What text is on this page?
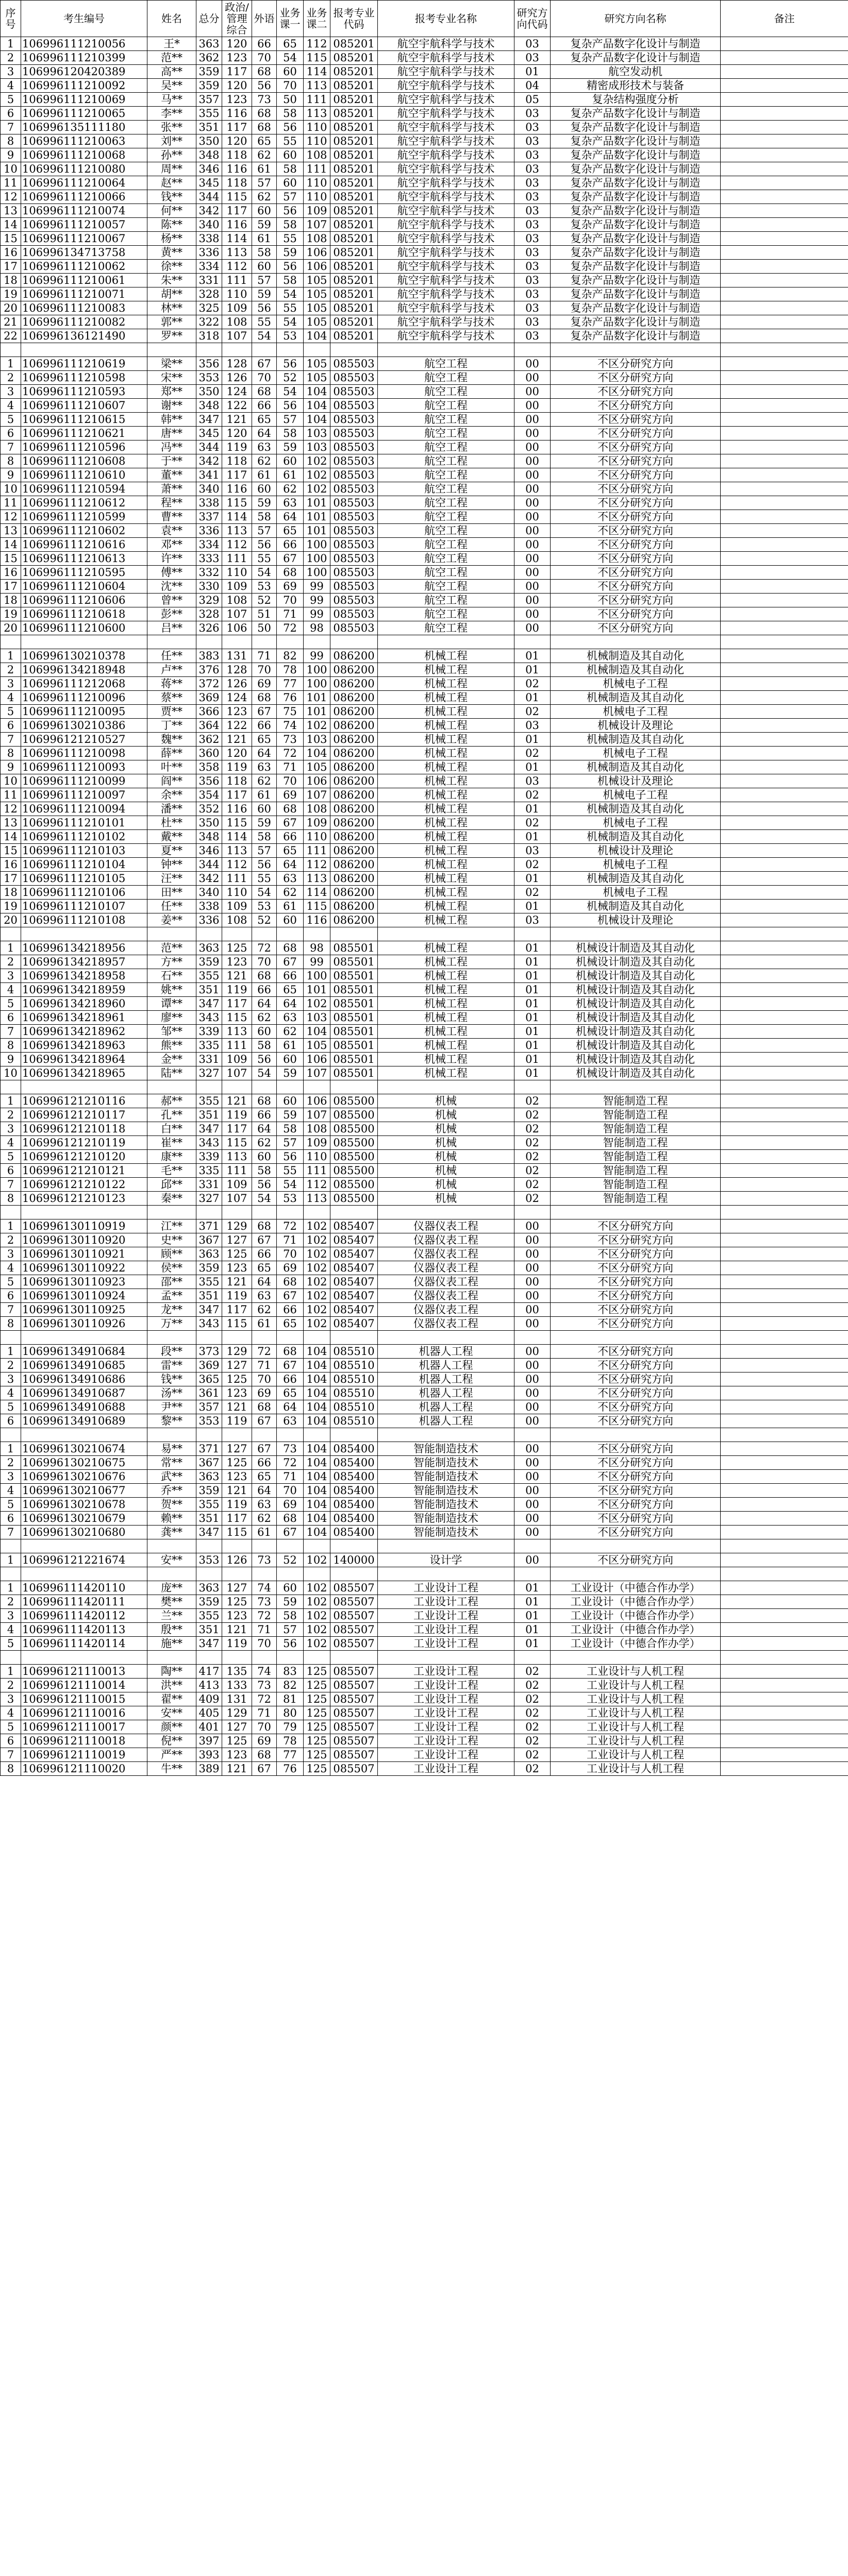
序号	考生编号	姓名	总分	政治/管理综合	外语	业务课一	业务课二	报考专业代码	报考专业名称	研究方向代码	研究方向名称	备注
1	106996111210056	王*	363	120	66	65	112	085201	航空宇航科学与技术	03	复杂产品数字化设计与制造	
2	106996111210399	范**	362	123	70	54	115	085201	航空宇航科学与技术	03	复杂产品数字化设计与制造	
3	106996120420389	高**	359	117	68	60	114	085201	航空宇航科学与技术	01	航空发动机	
4	106996111210092	吴**	359	120	56	70	113	085201	航空宇航科学与技术	04	精密成形技术与装备	
5	106996111210069	马**	357	123	73	50	111	085201	航空宇航科学与技术	05	复杂结构强度分析	
6	106996111210065	李**	355	116	68	58	113	085201	航空宇航科学与技术	03	复杂产品数字化设计与制造	
7	106996135111180	张**	351	117	68	56	110	085201	航空宇航科学与技术	03	复杂产品数字化设计与制造	
8	106996111210063	刘**	350	120	65	55	110	085201	航空宇航科学与技术	03	复杂产品数字化设计与制造	
9	106996111210068	孙**	348	118	62	60	108	085201	航空宇航科学与技术	03	复杂产品数字化设计与制造	
10	106996111210080	周**	346	116	61	58	111	085201	航空宇航科学与技术	03	复杂产品数字化设计与制造	
11	106996111210064	赵**	345	118	57	60	110	085201	航空宇航科学与技术	03	复杂产品数字化设计与制造	
12	106996111210066	钱**	344	115	62	57	110	085201	航空宇航科学与技术	03	复杂产品数字化设计与制造	
13	106996111210074	何**	342	117	60	56	109	085201	航空宇航科学与技术	03	复杂产品数字化设计与制造	
14	106996111210057	陈**	340	116	59	58	107	085201	航空宇航科学与技术	03	复杂产品数字化设计与制造	
15	106996111210067	杨**	338	114	61	55	108	085201	航空宇航科学与技术	03	复杂产品数字化设计与制造	
16	106996134713758	黄**	336	113	58	59	106	085201	航空宇航科学与技术	03	复杂产品数字化设计与制造	
17	106996111210062	徐**	334	112	60	56	106	085201	航空宇航科学与技术	03	复杂产品数字化设计与制造	
18	106996111210061	朱**	331	111	57	58	105	085201	航空宇航科学与技术	03	复杂产品数字化设计与制造	
19	106996111210071	胡**	328	110	59	54	105	085201	航空宇航科学与技术	03	复杂产品数字化设计与制造	
20	106996111210083	林**	325	109	56	55	105	085201	航空宇航科学与技术	03	复杂产品数字化设计与制造	
21	106996111210082	郭**	322	108	55	54	105	085201	航空宇航科学与技术	03	复杂产品数字化设计与制造	
22	106996136121490	罗**	318	107	54	53	104	085201	航空宇航科学与技术	03	复杂产品数字化设计与制造	

1	106996111210619	梁**	356	128	67	56	105	085503	航空工程	00	不区分研究方向	
2	106996111210598	宋**	353	126	70	52	105	085503	航空工程	00	不区分研究方向	
3	106996111210593	郑**	350	124	68	54	104	085503	航空工程	00	不区分研究方向	
4	106996111210607	谢**	348	122	66	56	104	085503	航空工程	00	不区分研究方向	
5	106996111210615	韩**	347	121	65	57	104	085503	航空工程	00	不区分研究方向	
6	106996111210621	唐**	345	120	64	58	103	085503	航空工程	00	不区分研究方向	
7	106996111210596	冯**	344	119	63	59	103	085503	航空工程	00	不区分研究方向	
8	106996111210608	于**	342	118	62	60	102	085503	航空工程	00	不区分研究方向	
9	106996111210610	董**	341	117	61	61	102	085503	航空工程	00	不区分研究方向	
10	106996111210594	萧**	340	116	60	62	102	085503	航空工程	00	不区分研究方向	
11	106996111210612	程**	338	115	59	63	101	085503	航空工程	00	不区分研究方向	
12	106996111210599	曹**	337	114	58	64	101	085503	航空工程	00	不区分研究方向	
13	106996111210602	袁**	336	113	57	65	101	085503	航空工程	00	不区分研究方向	
14	106996111210616	邓**	334	112	56	66	100	085503	航空工程	00	不区分研究方向	
15	106996111210613	许**	333	111	55	67	100	085503	航空工程	00	不区分研究方向	
16	106996111210595	傅**	332	110	54	68	100	085503	航空工程	00	不区分研究方向	
17	106996111210604	沈**	330	109	53	69	99	085503	航空工程	00	不区分研究方向	
18	106996111210606	曾**	329	108	52	70	99	085503	航空工程	00	不区分研究方向	
19	106996111210618	彭**	328	107	51	71	99	085503	航空工程	00	不区分研究方向	
20	106996111210600	吕**	326	106	50	72	98	085503	航空工程	00	不区分研究方向	

1	106996130210378	任**	383	131	71	82	99	086200	机械工程	01	机械制造及其自动化	
2	106996134218948	卢**	376	128	70	78	100	086200	机械工程	01	机械制造及其自动化	
3	106996111212068	蒋**	372	126	69	77	100	086200	机械工程	02	机械电子工程	
4	106996111210096	蔡**	369	124	68	76	101	086200	机械工程	01	机械制造及其自动化	
5	106996111210095	贾**	366	123	67	75	101	086200	机械工程	02	机械电子工程	
6	106996130210386	丁**	364	122	66	74	102	086200	机械工程	03	机械设计及理论	
7	106996121210527	魏**	362	121	65	73	103	086200	机械工程	01	机械制造及其自动化	
8	106996111210098	薛**	360	120	64	72	104	086200	机械工程	02	机械电子工程	
9	106996111210093	叶**	358	119	63	71	105	086200	机械工程	01	机械制造及其自动化	
10	106996111210099	阎**	356	118	62	70	106	086200	机械工程	03	机械设计及理论	
11	106996111210097	余**	354	117	61	69	107	086200	机械工程	02	机械电子工程	
12	106996111210094	潘**	352	116	60	68	108	086200	机械工程	01	机械制造及其自动化	
13	106996111210101	杜**	350	115	59	67	109	086200	机械工程	02	机械电子工程	
14	106996111210102	戴**	348	114	58	66	110	086200	机械工程	01	机械制造及其自动化	
15	106996111210103	夏**	346	113	57	65	111	086200	机械工程	03	机械设计及理论	
16	106996111210104	钟**	344	112	56	64	112	086200	机械工程	02	机械电子工程	
17	106996111210105	汪**	342	111	55	63	113	086200	机械工程	01	机械制造及其自动化	
18	106996111210106	田**	340	110	54	62	114	086200	机械工程	02	机械电子工程	
19	106996111210107	任**	338	109	53	61	115	086200	机械工程	01	机械制造及其自动化	
20	106996111210108	姜**	336	108	52	60	116	086200	机械工程	03	机械设计及理论	

1	106996134218956	范**	363	125	72	68	98	085501	机械工程	01	机械设计制造及其自动化	
2	106996134218957	方**	359	123	70	67	99	085501	机械工程	01	机械设计制造及其自动化	
3	106996134218958	石**	355	121	68	66	100	085501	机械工程	01	机械设计制造及其自动化	
4	106996134218959	姚**	351	119	66	65	101	085501	机械工程	01	机械设计制造及其自动化	
5	106996134218960	谭**	347	117	64	64	102	085501	机械工程	01	机械设计制造及其自动化	
6	106996134218961	廖**	343	115	62	63	103	085501	机械工程	01	机械设计制造及其自动化	
7	106996134218962	邹**	339	113	60	62	104	085501	机械工程	01	机械设计制造及其自动化	
8	106996134218963	熊**	335	111	58	61	105	085501	机械工程	01	机械设计制造及其自动化	
9	106996134218964	金**	331	109	56	60	106	085501	机械工程	01	机械设计制造及其自动化	
10	106996134218965	陆**	327	107	54	59	107	085501	机械工程	01	机械设计制造及其自动化	

1	106996121210116	郝**	355	121	68	60	106	085500	机械	02	智能制造工程	
2	106996121210117	孔**	351	119	66	59	107	085500	机械	02	智能制造工程	
3	106996121210118	白**	347	117	64	58	108	085500	机械	02	智能制造工程	
4	106996121210119	崔**	343	115	62	57	109	085500	机械	02	智能制造工程	
5	106996121210120	康**	339	113	60	56	110	085500	机械	02	智能制造工程	
6	106996121210121	毛**	335	111	58	55	111	085500	机械	02	智能制造工程	
7	106996121210122	邱**	331	109	56	54	112	085500	机械	02	智能制造工程	
8	106996121210123	秦**	327	107	54	53	113	085500	机械	02	智能制造工程	

1	106996130110919	江**	371	129	68	72	102	085407	仪器仪表工程	00	不区分研究方向	
2	106996130110920	史**	367	127	67	71	102	085407	仪器仪表工程	00	不区分研究方向	
3	106996130110921	顾**	363	125	66	70	102	085407	仪器仪表工程	00	不区分研究方向	
4	106996130110922	侯**	359	123	65	69	102	085407	仪器仪表工程	00	不区分研究方向	
5	106996130110923	邵**	355	121	64	68	102	085407	仪器仪表工程	00	不区分研究方向	
6	106996130110924	孟**	351	119	63	67	102	085407	仪器仪表工程	00	不区分研究方向	
7	106996130110925	龙**	347	117	62	66	102	085407	仪器仪表工程	00	不区分研究方向	
8	106996130110926	万**	343	115	61	65	102	085407	仪器仪表工程	00	不区分研究方向	

1	106996134910684	段**	373	129	72	68	104	085510	机器人工程	00	不区分研究方向	
2	106996134910685	雷**	369	127	71	67	104	085510	机器人工程	00	不区分研究方向	
3	106996134910686	钱**	365	125	70	66	104	085510	机器人工程	00	不区分研究方向	
4	106996134910687	汤**	361	123	69	65	104	085510	机器人工程	00	不区分研究方向	
5	106996134910688	尹**	357	121	68	64	104	085510	机器人工程	00	不区分研究方向	
6	106996134910689	黎**	353	119	67	63	104	085510	机器人工程	00	不区分研究方向	

1	106996130210674	易**	371	127	67	73	104	085400	智能制造技术	00	不区分研究方向	
2	106996130210675	常**	367	125	66	72	104	085400	智能制造技术	00	不区分研究方向	
3	106996130210676	武**	363	123	65	71	104	085400	智能制造技术	00	不区分研究方向	
4	106996130210677	乔**	359	121	64	70	104	085400	智能制造技术	00	不区分研究方向	
5	106996130210678	贺**	355	119	63	69	104	085400	智能制造技术	00	不区分研究方向	
6	106996130210679	赖**	351	117	62	68	104	085400	智能制造技术	00	不区分研究方向	
7	106996130210680	龚**	347	115	61	67	104	085400	智能制造技术	00	不区分研究方向	

1	106996121221674	安**	353	126	73	52	102	140000	设计学	00	不区分研究方向	

1	106996111420110	庞**	363	127	74	60	102	085507	工业设计工程	01	工业设计（中德合作办学）	
2	106996111420111	樊**	359	125	73	59	102	085507	工业设计工程	01	工业设计（中德合作办学）	
3	106996111420112	兰**	355	123	72	58	102	085507	工业设计工程	01	工业设计（中德合作办学）	
4	106996111420113	殷**	351	121	71	57	102	085507	工业设计工程	01	工业设计（中德合作办学）	
5	106996111420114	施**	347	119	70	56	102	085507	工业设计工程	01	工业设计（中德合作办学）	

1	106996121110013	陶**	417	135	74	83	125	085507	工业设计工程	02	工业设计与人机工程	
2	106996121110014	洪**	413	133	73	82	125	085507	工业设计工程	02	工业设计与人机工程	
3	106996121110015	翟**	409	131	72	81	125	085507	工业设计工程	02	工业设计与人机工程	
4	106996121110016	安**	405	129	71	80	125	085507	工业设计工程	02	工业设计与人机工程	
5	106996121110017	颜**	401	127	70	79	125	085507	工业设计工程	02	工业设计与人机工程	
6	106996121110018	倪**	397	125	69	78	125	085507	工业设计工程	02	工业设计与人机工程	
7	106996121110019	严**	393	123	68	77	125	085507	工业设计工程	02	工业设计与人机工程	
8	106996121110020	牛**	389	121	67	76	125	085507	工业设计工程	02	工业设计与人机工程	
